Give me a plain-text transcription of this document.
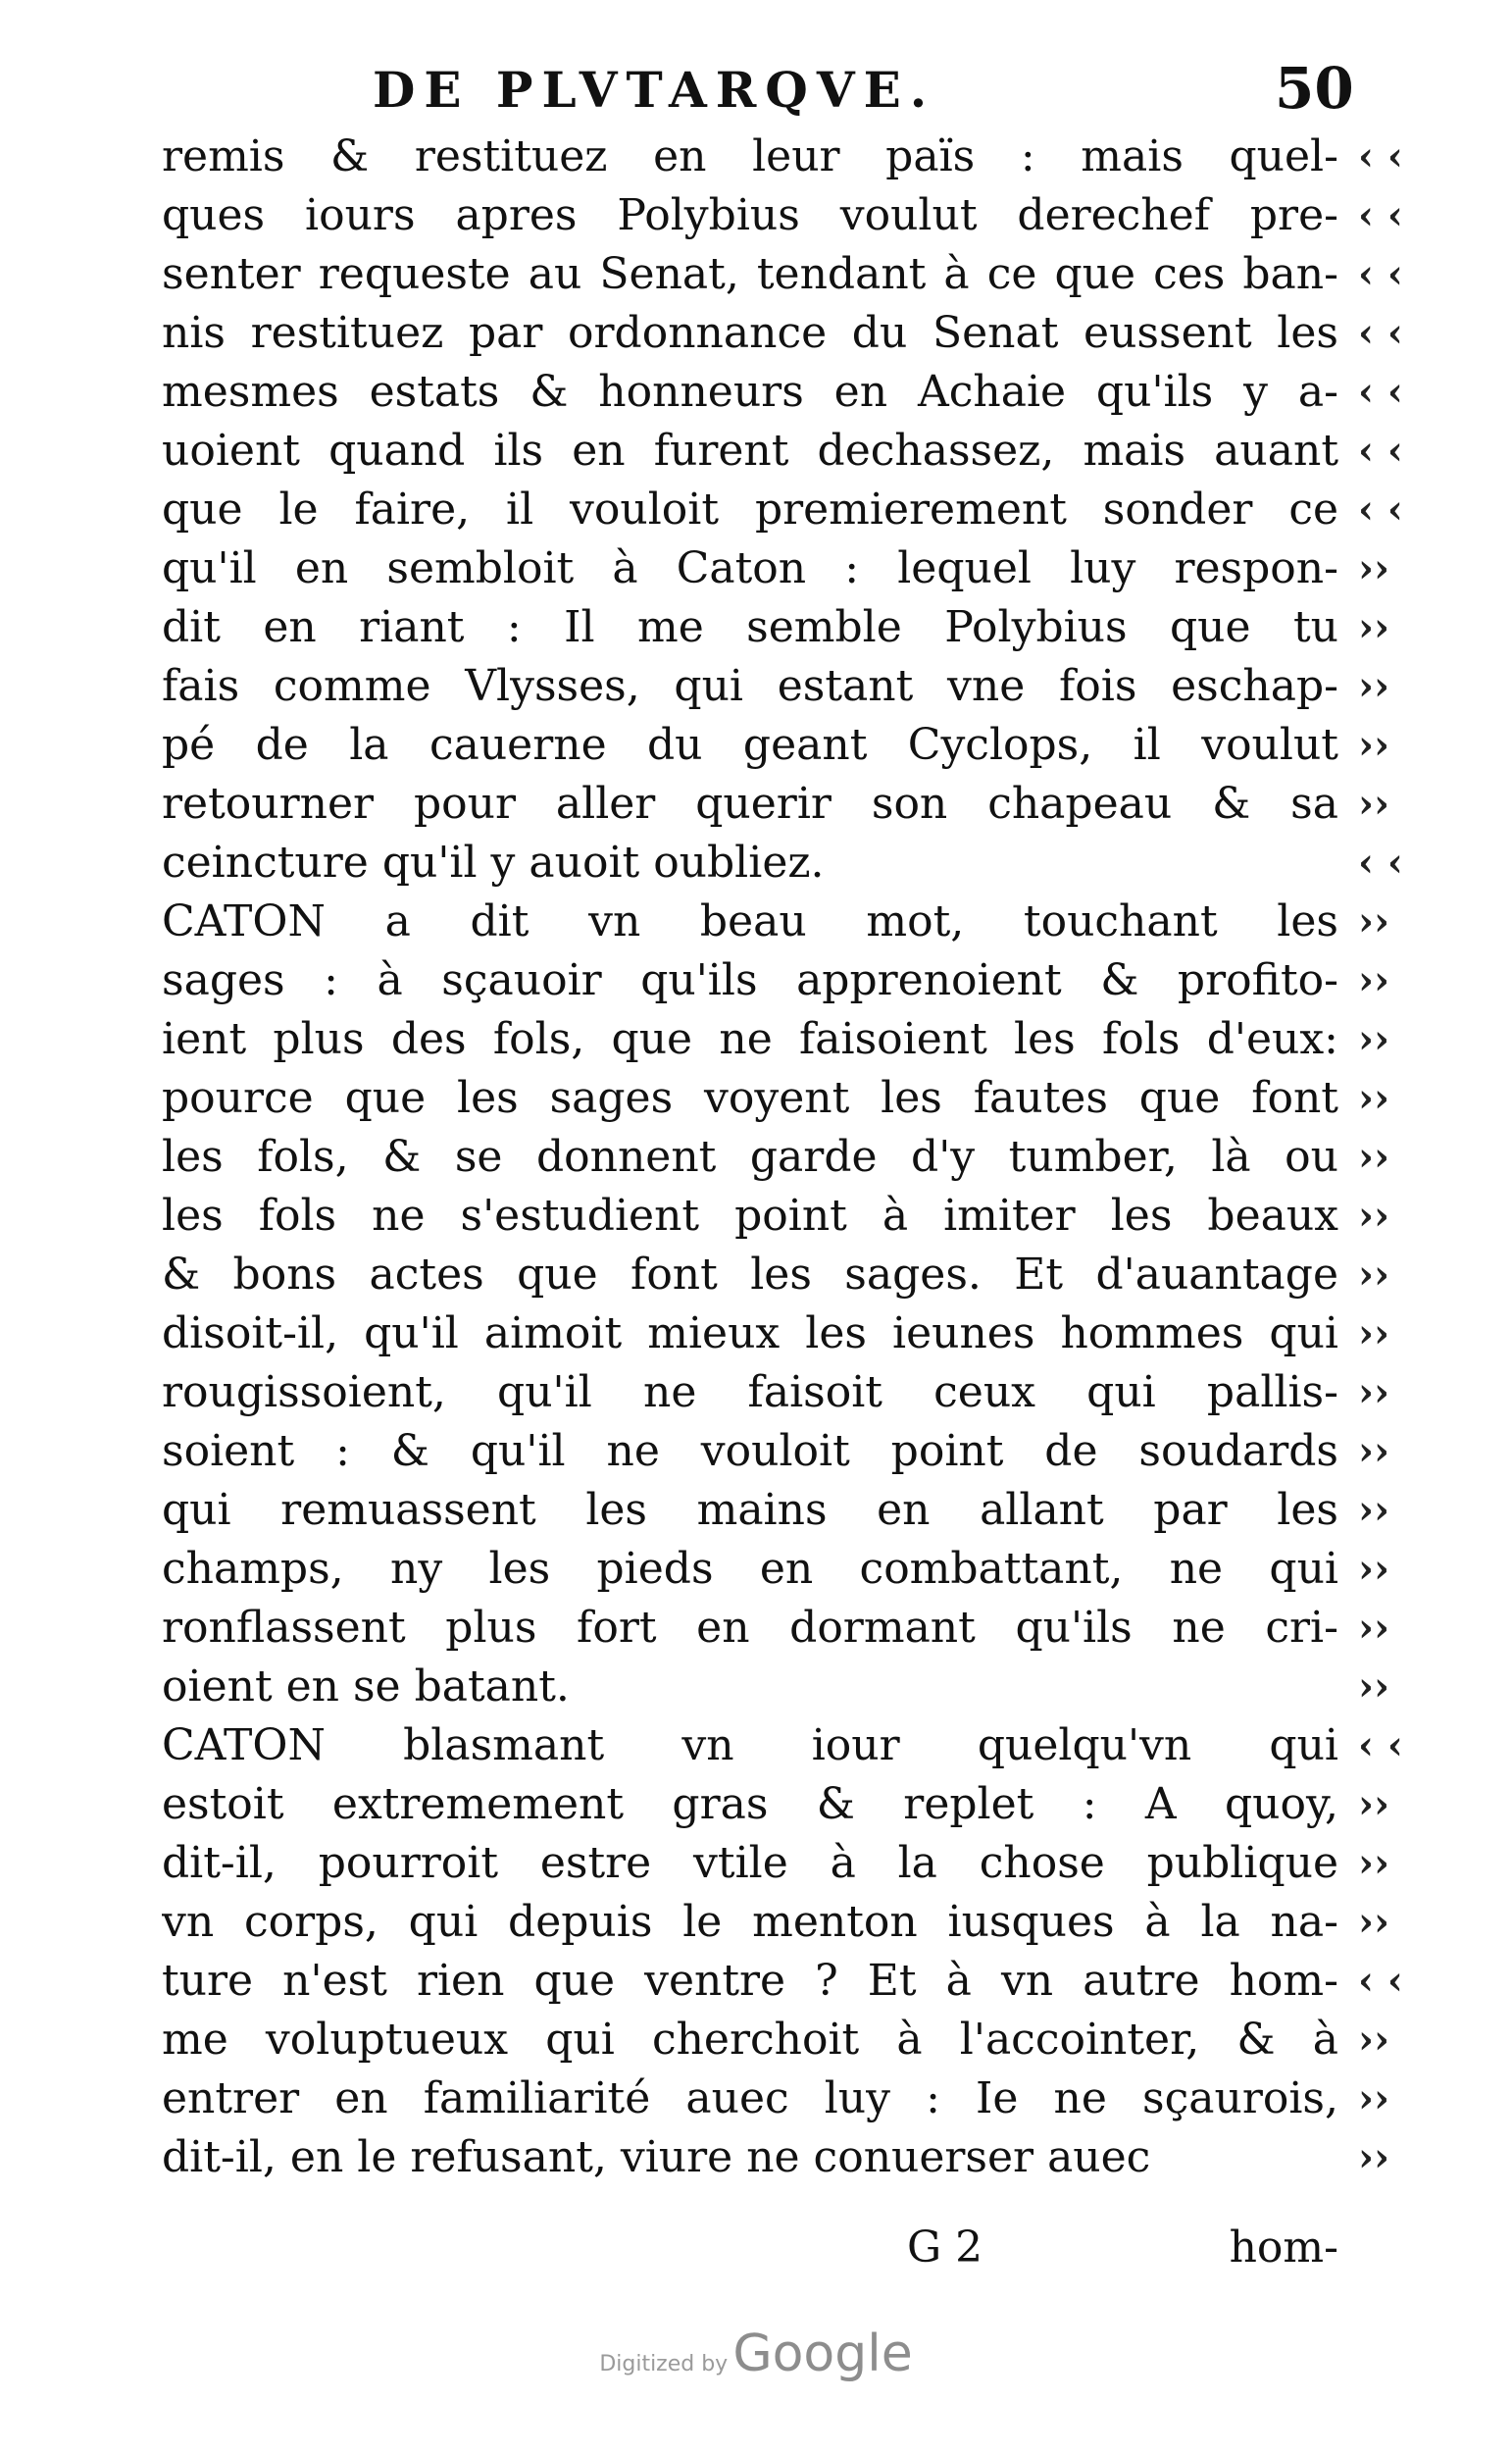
DE PLVTARQVE.	50
remis & restituez en leur païs : mais quel-
ques iours apres Polybius voulut derechef pre-
senter requeste au Senat, tendant à ce que ces ban-
nis restituez par ordonnance du Senat eussent les
mesmes estats & honneurs en Achaie qu'ils y a-
uoient quand ils en furent dechassez, mais auant
que le faire, il vouloit premierement sonder ce
qu'il en sembloit à Caton : lequel luy respon-
dit en riant : Il me semble Polybius que tu
fais comme Vlysses, qui estant vne fois eschap-
pé de la cauerne du geant Cyclops, il voulut
retourner pour aller querir son chapeau & sa
ceincture qu'il y auoit oubliez.
CATON a dit vn beau mot, touchant les
sages : à sçauoir qu'ils apprenoient & profito-
ient plus des fols, que ne faisoient les fols d'eux:
pource que les sages voyent les fautes que font
les fols, & se donnent garde d'y tumber, là ou
les fols ne s'estudient point à imiter les beaux
& bons actes que font les sages. Et d'auantage
disoit-il, qu'il aimoit mieux les ieunes hommes qui
rougissoient, qu'il ne faisoit ceux qui pallis-
soient : & qu'il ne vouloit point de soudards
qui remuassent les mains en allant par les
champs, ny les pieds en combattant, ne qui
ronflassent plus fort en dormant qu'ils ne cri-
oient en se batant.
CATON blasmant vn iour quelqu'vn qui
estoit extremement gras & replet : A quoy,
dit-il, pourroit estre vtile à la chose publique
vn corps, qui depuis le menton iusques à la na-
ture n'est rien que ventre ? Et à vn autre hom-
me voluptueux qui cherchoit à l'accointer, & à
entrer en familiarité auec luy : Ie ne sçaurois,
dit-il, en le refusant, viure ne conuerser auec
‹ ‹
‹ ‹
‹ ‹
‹ ‹
‹ ‹
‹ ‹
‹ ‹
››
››
››
››
››
‹ ‹
››
››
››
››
››
››
››
››
››
››
››
››
››
››
‹ ‹
››
››
››
‹ ‹
››
››
››
G 2	hom-
Digitized by Google
